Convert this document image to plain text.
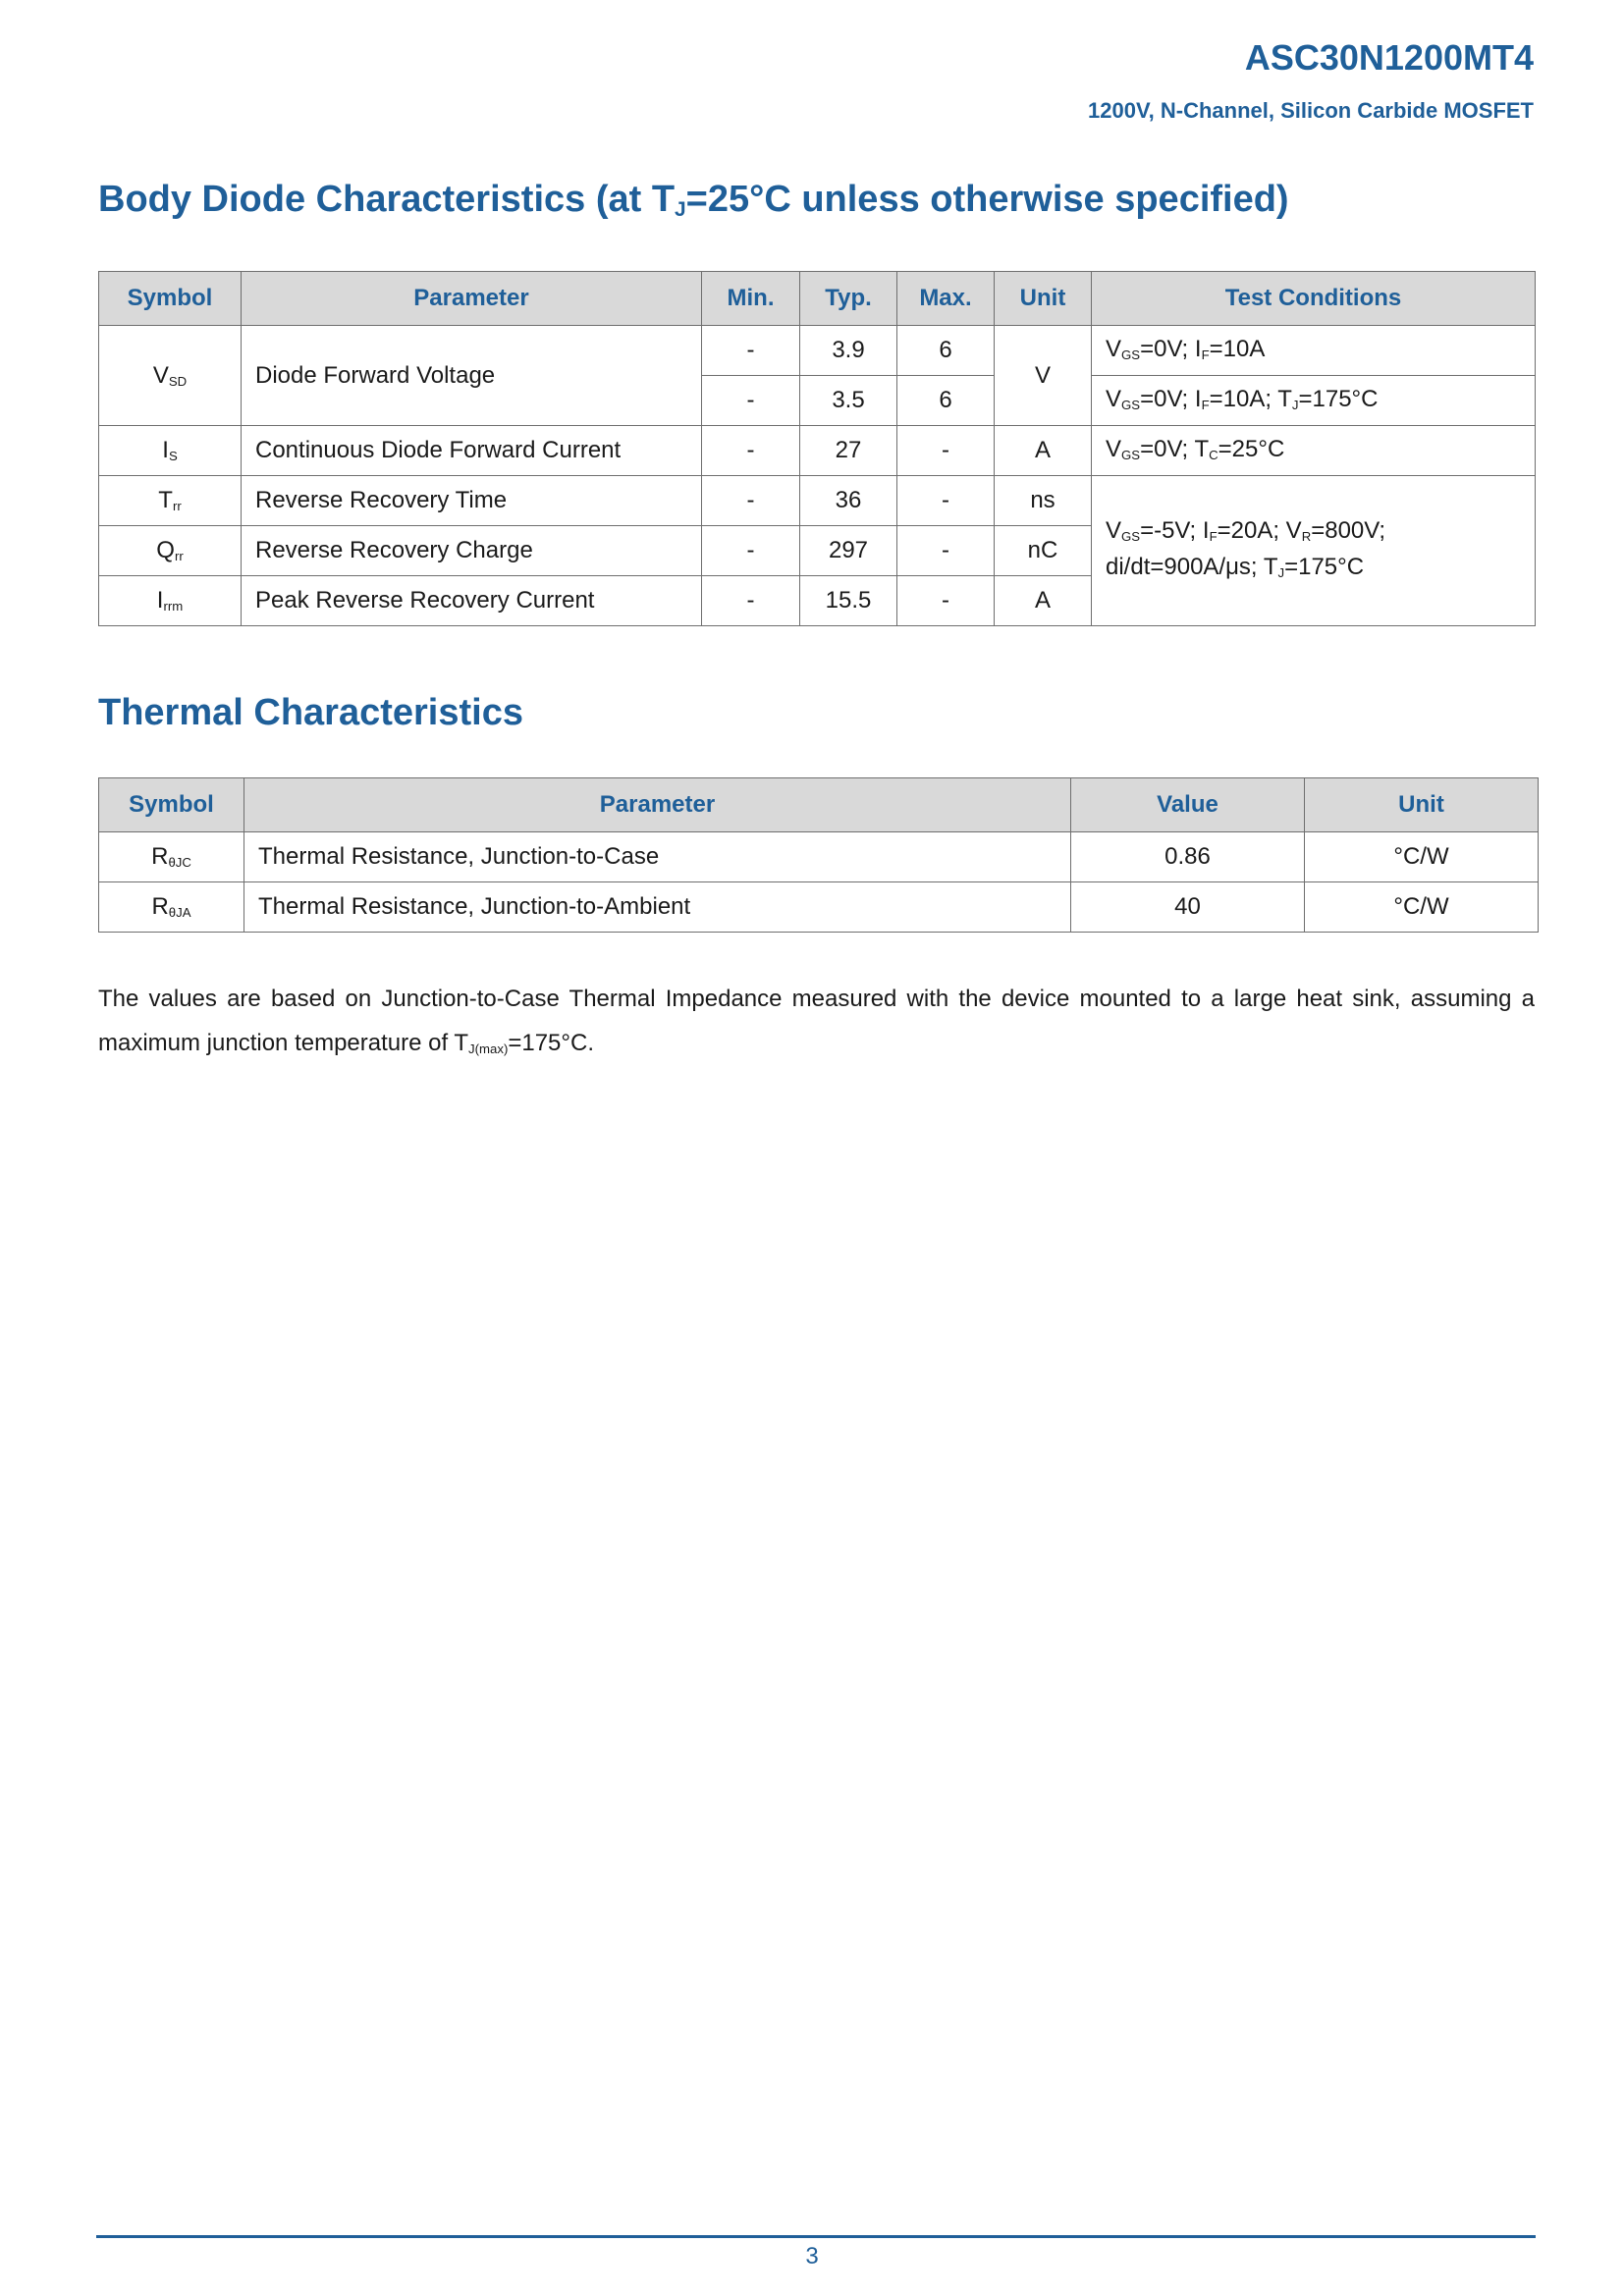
ASC30N1200MT4

1200V, N-Channel, Silicon Carbide MOSFET

Body Diode Characteristics (at TJ=25°C unless otherwise specified)
Symbol	Parameter	Min.	Typ.	Max.	Unit	Test Conditions
VSD	Diode Forward Voltage	-	3.9	6	V	VGS=0V; IF=10A
		-	3.5	6		VGS=0V; IF=10A; TJ=175°C
IS	Continuous Diode Forward Current	-	27	-	A	VGS=0V; TC=25°C
Trr	Reverse Recovery Time	-	36	-	ns	VGS=-5V; IF=20A; VR=800V;
di/dt=900A/μs; TJ=175°C
Qrr	Reverse Recovery Charge	-	297	-	nC	
Irrm	Peak Reverse Recovery Current	-	15.5	-	A	
Thermal Characteristics
Symbol	Parameter	Value	Unit
RθJC	Thermal Resistance, Junction-to-Case	0.86	°C/W
RθJA	Thermal Resistance, Junction-to-Ambient	40	°C/W

The values are based on Junction-to-Case Thermal Impedance measured with the device mounted to a large heat sink, assuming a maximum junction temperature of TJ(max)=175°C.

3
